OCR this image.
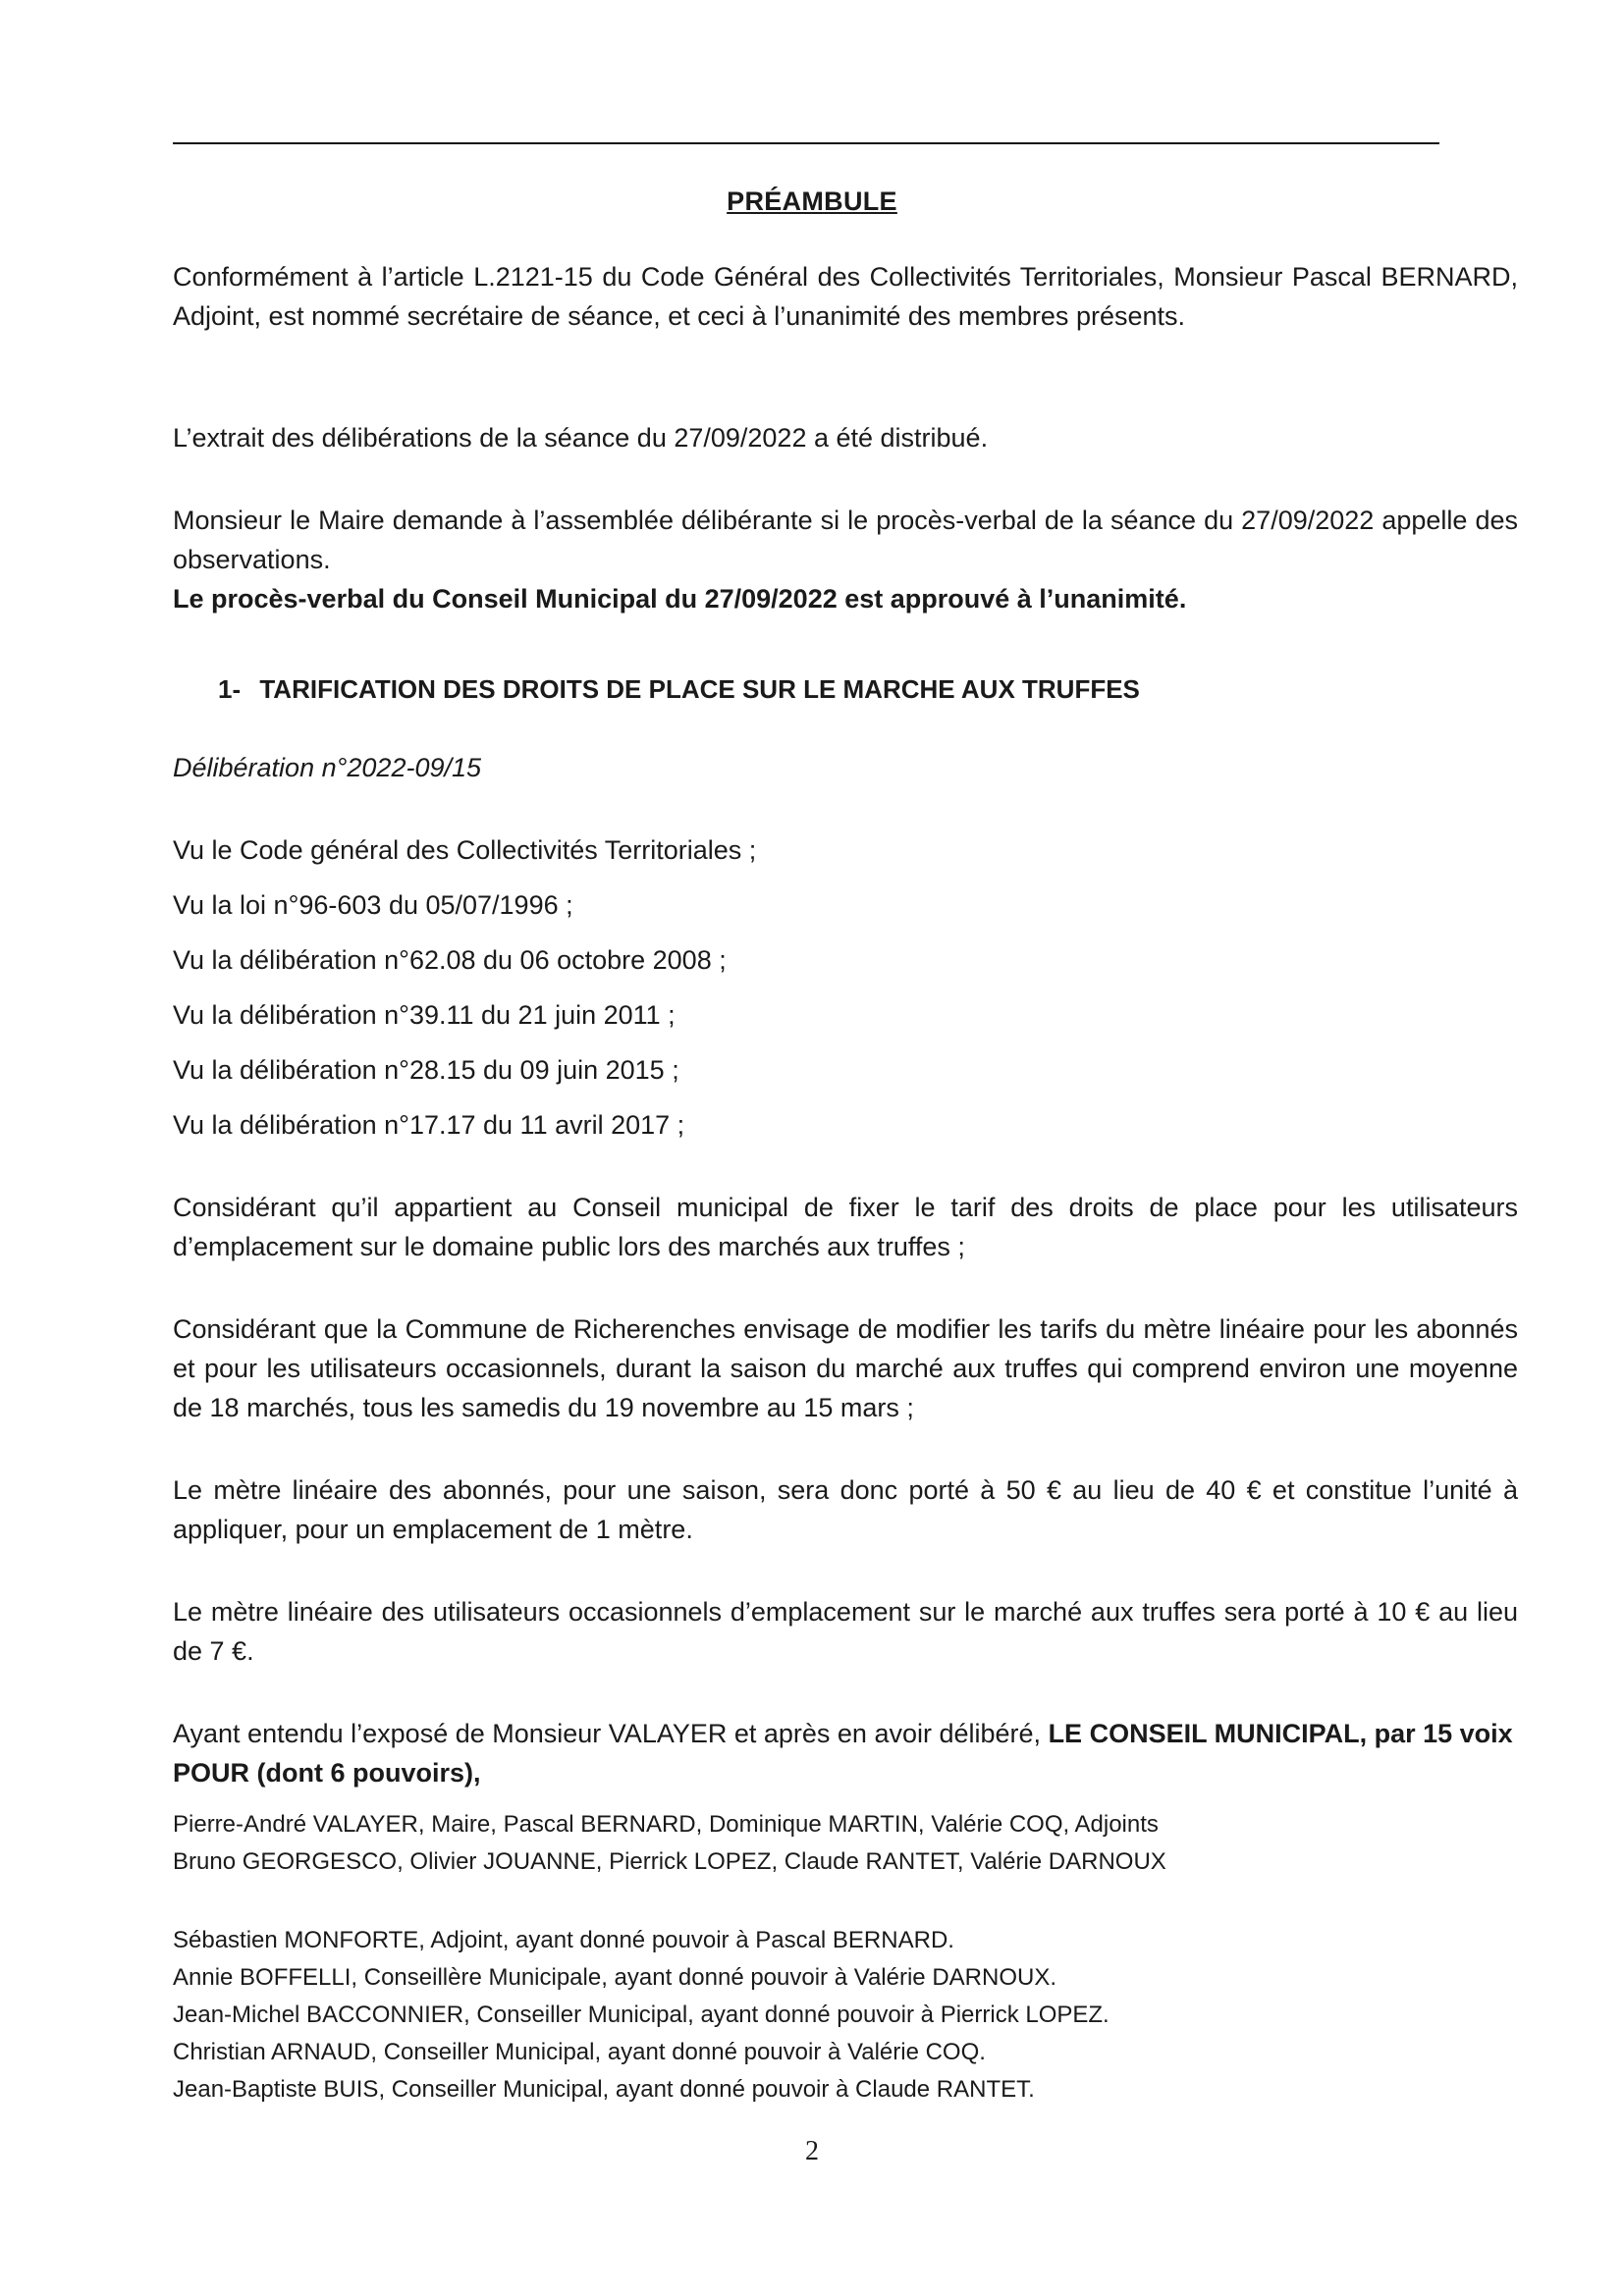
PRÉAMBULE

Conformément à l’article L.2121-15 du Code Général des Collectivités Territoriales, Monsieur Pascal BERNARD, Adjoint, est nommé secrétaire de séance, et ceci à l’unanimité des membres présents.

L’extrait des délibérations de la séance du 27/09/2022 a été distribué.

Monsieur le Maire demande à l’assemblée délibérante si le procès-verbal de la séance du 27/09/2022 appelle des observations.
Le procès-verbal du Conseil Municipal du 27/09/2022 est approuvé à l’unanimité.
1- TARIFICATION DES DROITS DE PLACE SUR LE MARCHE AUX TRUFFES
Délibération n°2022-09/15
Vu le Code général des Collectivités Territoriales ;
Vu la loi n°96-603 du 05/07/1996 ;
Vu la délibération n°62.08 du 06 octobre 2008 ;
Vu la délibération n°39.11 du 21 juin 2011 ;
Vu la délibération n°28.15 du 09 juin 2015 ;
Vu la délibération n°17.17 du 11 avril 2017 ;

Considérant qu’il appartient au Conseil municipal de fixer le tarif des droits de place pour les utilisateurs d’emplacement sur le domaine public lors des marchés aux truffes ;

Considérant que la Commune de Richerenches envisage de modifier les tarifs du mètre linéaire pour les abonnés et pour les utilisateurs occasionnels, durant la saison du marché aux truffes qui comprend environ une moyenne de 18 marchés, tous les samedis du 19 novembre au 15 mars ;

Le mètre linéaire des abonnés, pour une saison, sera donc porté à 50 € au lieu de 40 € et constitue l’unité à appliquer, pour un emplacement de 1 mètre.

Le mètre linéaire des utilisateurs occasionnels d’emplacement sur le marché aux truffes sera porté à 10 € au lieu de 7 €.

Ayant entendu l’exposé de Monsieur VALAYER et après en avoir délibéré, LE CONSEIL MUNICIPAL, par 15 voix POUR (dont 6 pouvoirs),

Pierre-André VALAYER, Maire, Pascal BERNARD, Dominique MARTIN, Valérie COQ, Adjoints
Bruno GEORGESCO, Olivier JOUANNE, Pierrick LOPEZ, Claude RANTET, Valérie DARNOUX
Sébastien MONFORTE, Adjoint, ayant donné pouvoir à Pascal BERNARD.
Annie BOFFELLI, Conseillère Municipale, ayant donné pouvoir à Valérie DARNOUX.
Jean-Michel BACCONNIER, Conseiller Municipal, ayant donné pouvoir à Pierrick LOPEZ.
Christian ARNAUD, Conseiller Municipal, ayant donné pouvoir à Valérie COQ.
Jean-Baptiste BUIS, Conseiller Municipal, ayant donné pouvoir à Claude RANTET.
2
